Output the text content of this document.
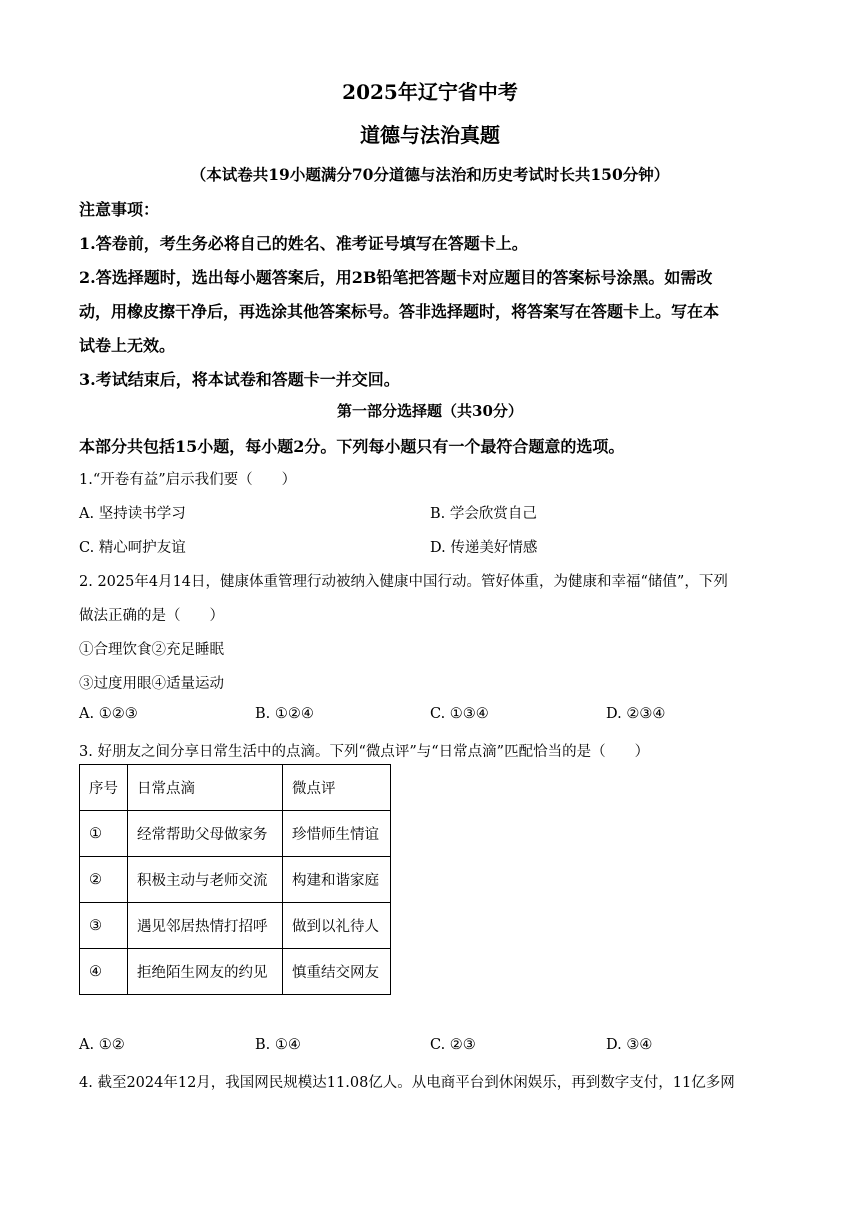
2025年辽宁省中考
道德与法治真题
（本试卷共19小题满分70分道德与法治和历史考试时长共150分钟）
注意事项：
1.答卷前，考生务必将自己的姓名、准考证号填写在答题卡上。
2.答选择题时，选出每小题答案后，用2B铅笔把答题卡对应题目的答案标号涂黑。如需改
动，用橡皮擦干净后，再选涂其他答案标号。答非选择题时，将答案写在答题卡上。写在本
试卷上无效。
3.考试结束后，将本试卷和答题卡一并交回。
第一部分选择题（共30分）
本部分共包括15小题，每小题2分。下列每小题只有一个最符合题意的选项。
1.“开卷有益”启示我们要（　　）
A. 坚持读书学习	B. 学会欣赏自己
C. 精心呵护友谊	D. 传递美好情感
2. 2025年4月14日，健康体重管理行动被纳入健康中国行动。管好体重，为健康和幸福“储值”，下列
做法正确的是（　　）
①合理饮食②充足睡眠
③过度用眼④适量运动
A. ①②③	B. ①②④	C. ①③④	D. ②③④
3. 好朋友之间分享日常生活中的点滴。下列“微点评”与“日常点滴”匹配恰当的是（　　）
序号	日常点滴	微点评
①	经常帮助父母做家务	珍惜师生情谊
②	积极主动与老师交流	构建和谐家庭
③	遇见邻居热情打招呼	做到以礼待人
④	拒绝陌生网友的约见	慎重结交网友
A. ①②	B. ①④	C. ②③	D. ③④
4. 截至2024年12月，我国网民规模达11.08亿人。从电商平台到休闲娱乐，再到数字支付，11亿多网
